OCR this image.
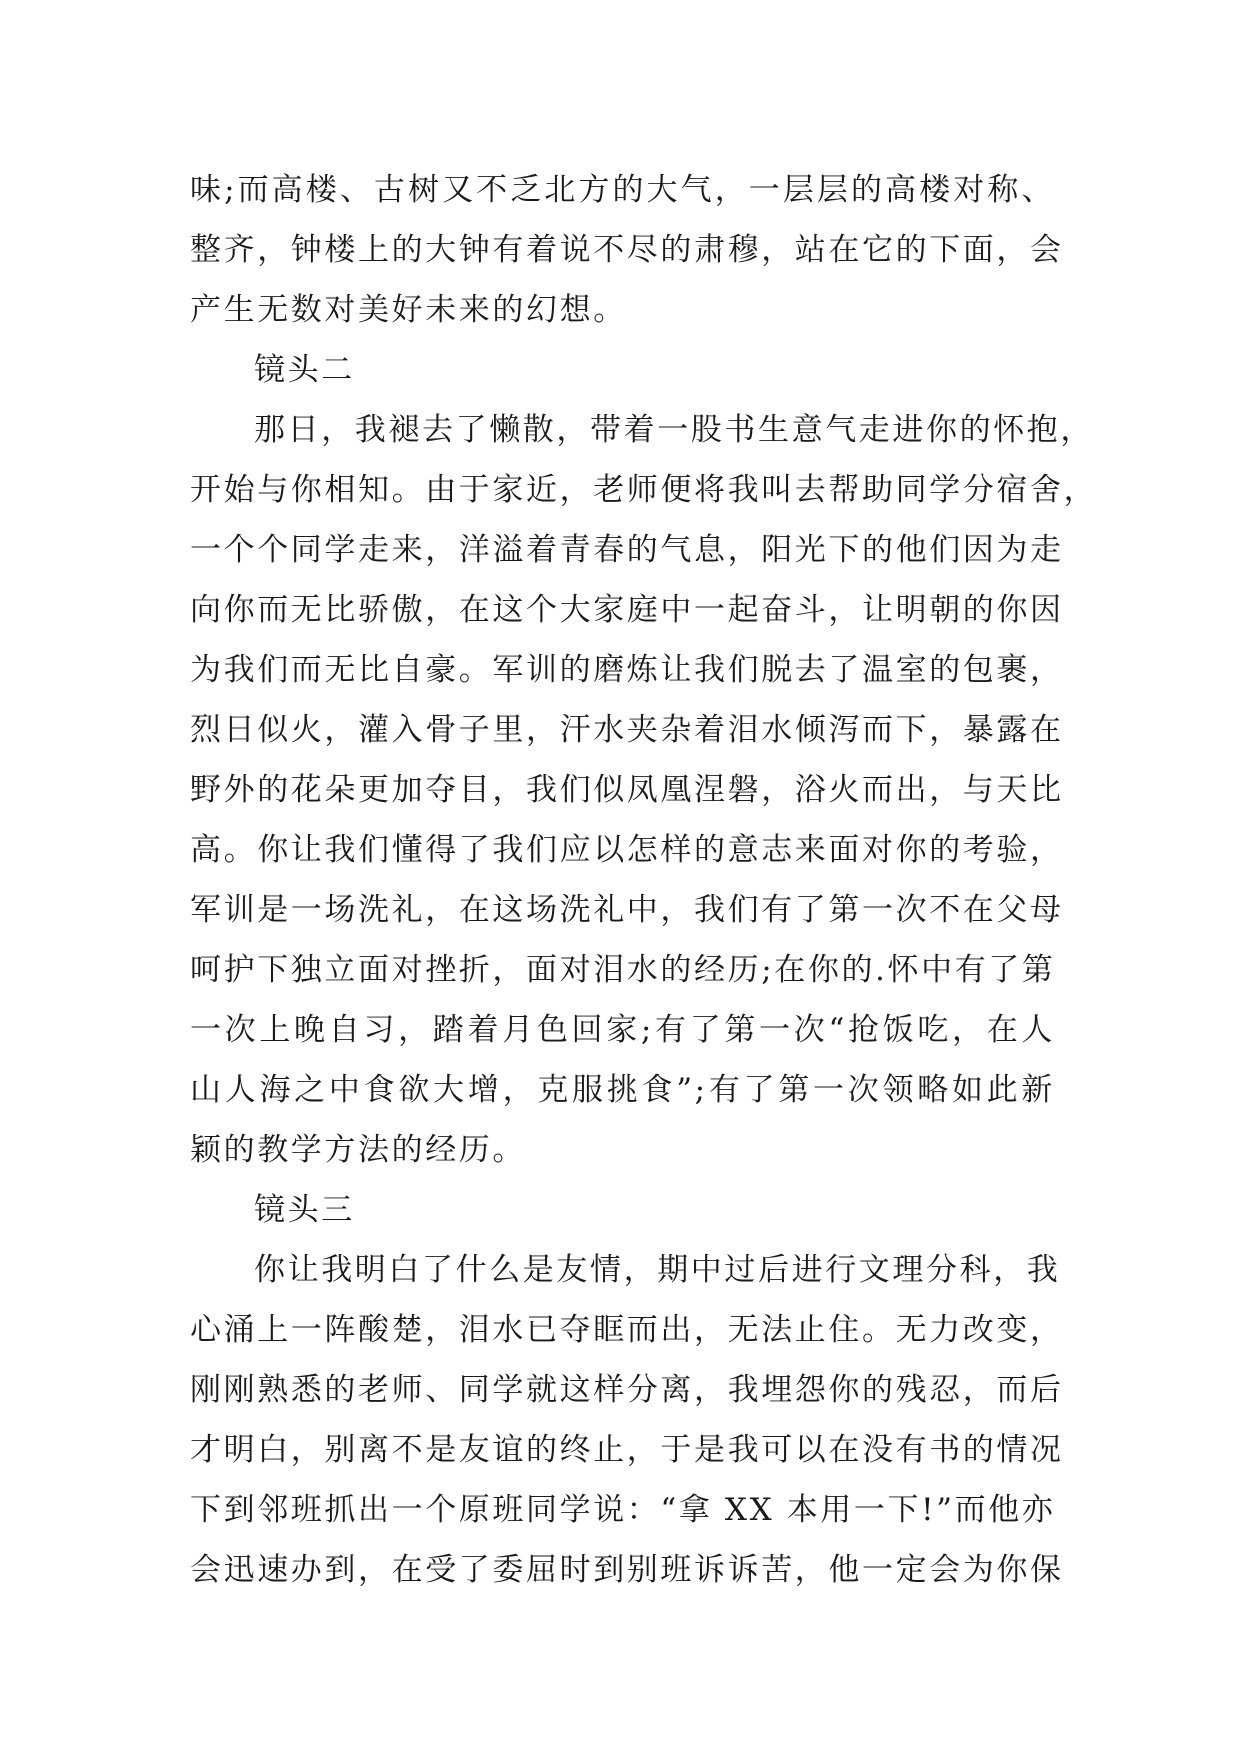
味;而高楼、古树又不乏北方的大气，一层层的高楼对称、
整齐，钟楼上的大钟有着说不尽的肃穆，站在它的下面，会
产生无数对美好未来的幻想。
镜头二
那日，我褪去了懒散，带着一股书生意气走进你的怀抱，
开始与你相知。由于家近，老师便将我叫去帮助同学分宿舍，
一个个同学走来，洋溢着青春的气息，阳光下的他们因为走
向你而无比骄傲，在这个大家庭中一起奋斗，让明朝的你因
为我们而无比自豪。军训的磨炼让我们脱去了温室的包裹，
烈日似火，灌入骨子里，汗水夹杂着泪水倾泻而下，暴露在
野外的花朵更加夺目，我们似凤凰涅磐，浴火而出，与天比
高。你让我们懂得了我们应以怎样的意志来面对你的考验，
军训是一场洗礼，在这场洗礼中，我们有了第一次不在父母
呵护下独立面对挫折，面对泪水的经历;在你的.怀中有了第
一次上晚自习，踏着月色回家;有了第一次“抢饭吃，在人
山人海之中食欲大增，克服挑食”;有了第一次领略如此新
颖的教学方法的经历。
镜头三
你让我明白了什么是友情，期中过后进行文理分科，我
心涌上一阵酸楚，泪水已夺眶而出，无法止住。无力改变，
刚刚熟悉的老师、同学就这样分离，我埋怨你的残忍，而后
才明白，别离不是友谊的终止，于是我可以在没有书的情况
下到邻班抓出一个原班同学说：“拿 XX 本用一下!”而他亦
会迅速办到，在受了委屈时到别班诉诉苦，他一定会为你保
